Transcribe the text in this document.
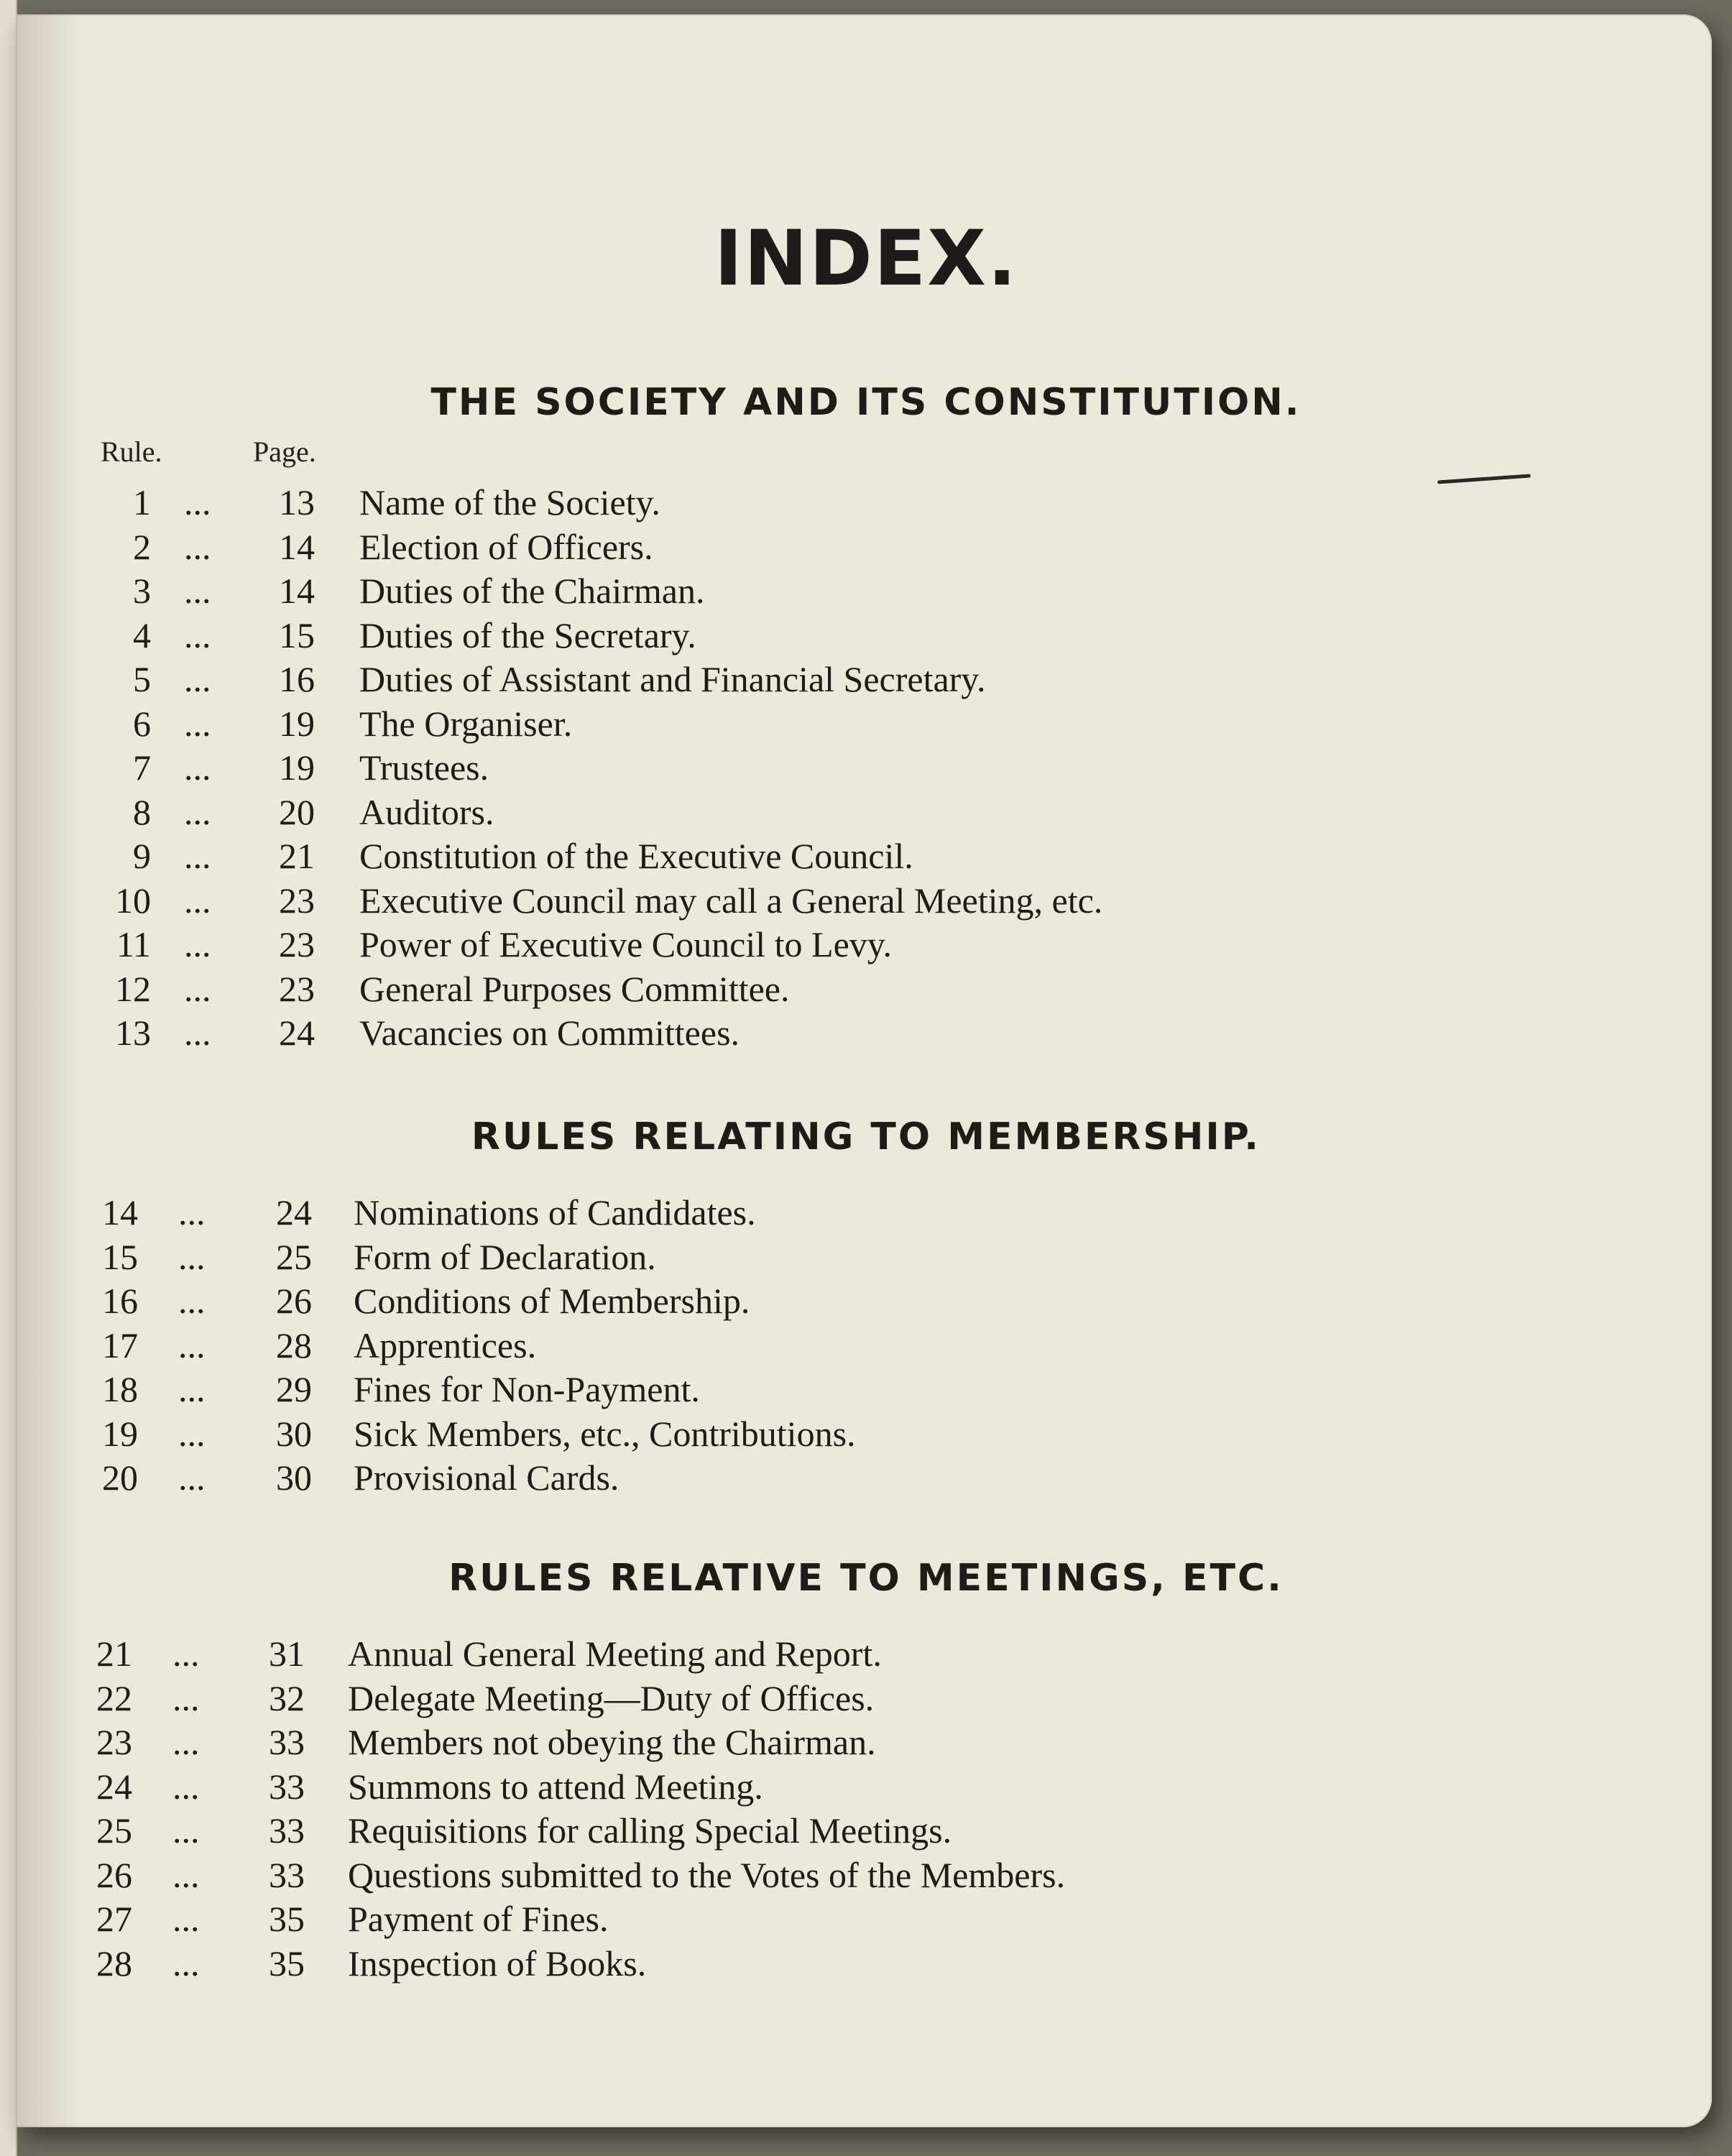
INDEX.
Rule.	Page.
THE SOCIETY AND ITS CONSTITUTION.
1 ...	13 Name of the Society.
2 ...	14 Election of Officers.
3 ...	14 Duties of the Chairman.
4 ...	15 Duties of the Secretary.
5 ...	16 Duties of Assistant and Financial Secretary.
6 ...	19 The Organiser.
7 ...	19 Trustees.
8 ...	20 Auditors.
9 ...	21 Constitution of the Executive Council.
10 ...	23 Executive Council may call a General Meeting, etc.
11 ...	23 Power of Executive Council to Levy.
12 ...	23 General Purposes Committee.
13 ...	24 Vacancies on Committees.
RULES RELATING TO MEMBERSHIP.
14 ...	24 Nominations of Candidates.
15 ...	25 Form of Declaration.
16 ...	26 Conditions of Membership.
17 ...	28 Apprentices.
18 ...	29 Fines for Non-Payment.
19 ...	30 Sick Members, etc., Contributions.
20 ...	30 Provisional Cards.
RULES RELATIVE TO MEETINGS, ETC.
21 ...	31 Annual General Meeting and Report.
22 ...	32 Delegate Meeting—Duty of Offices.
23 ...	33 Members not obeying the Chairman.
24 ...	33 Summons to attend Meeting.
25 ...	33 Requisitions for calling Special Meetings.
26 ...	33 Questions submitted to the Votes of the Members.
27 ...	35 Payment of Fines.
28 ...	35 Inspection of Books.
